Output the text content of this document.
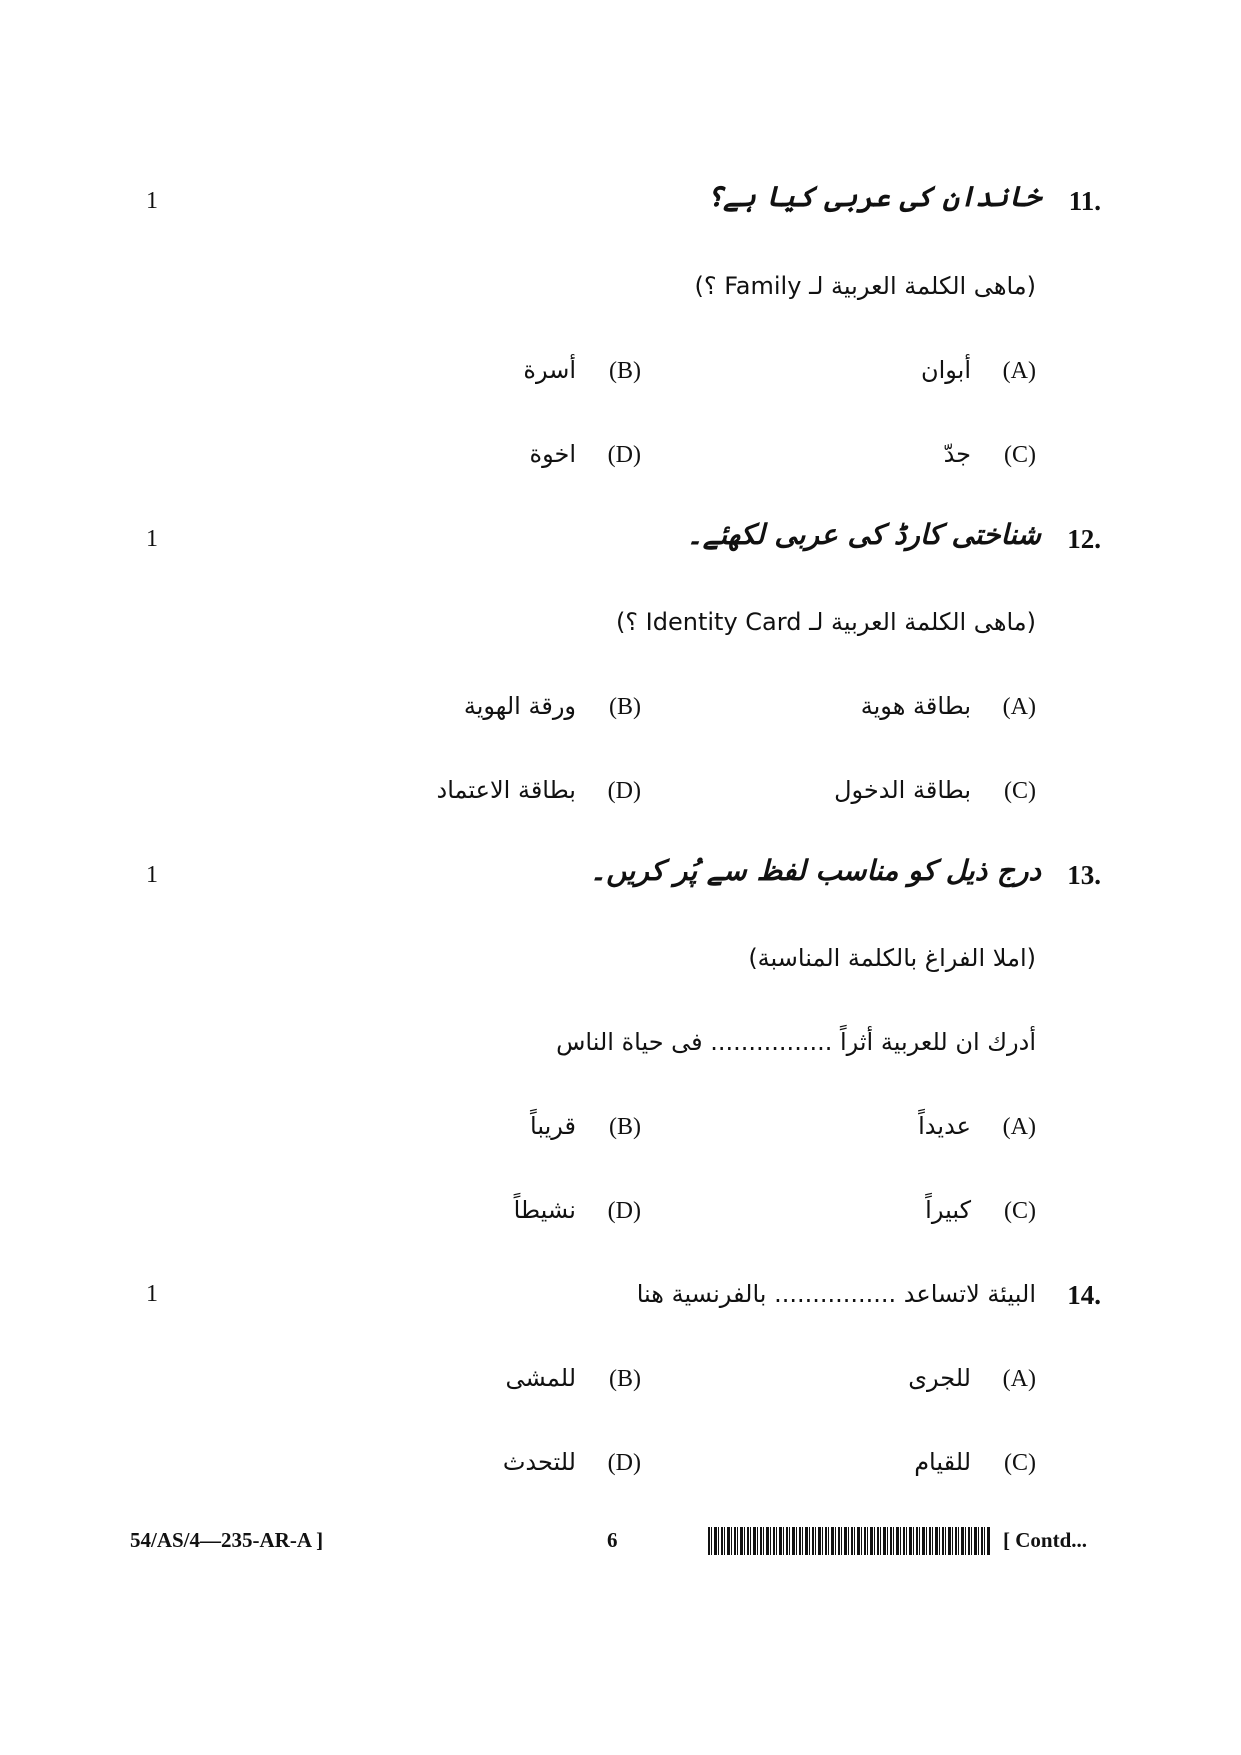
1	11.
خاندان کی عربی کیا ہے؟
(ماهی الكلمة العربية لـ Family ؟)
(A)
أبوان
(B)
أسرة
(C)
جدّ
(D)
اخوة
1	12.
شناختی کارڈ کی عربی لکھئے۔
(ماهی الكلمة العربية لـ Identity Card ؟)
(A)
بطاقة هوية
(B)
ورقة الهوية
(C)
بطاقة الدخول
(D)
بطاقة الاعتماد
1	13.
درج ذیل کو مناسب لفظ سے پُر کریں۔
(املا الفراغ بالكلمة المناسبة)
أدرك ان للعربية أثراً ................ فی حياة الناس
(A)
عديداً
(B)
قريباً
(C)
كبيراً
(D)
نشيطاً
1	14.
البيئة لاتساعد ................ بالفرنسية هنا
(A)
للجری
(B)
للمشی
(C)
للقيام
(D)
للتحدث
54/AS/4—235-AR-A ]	6	[ Contd...
